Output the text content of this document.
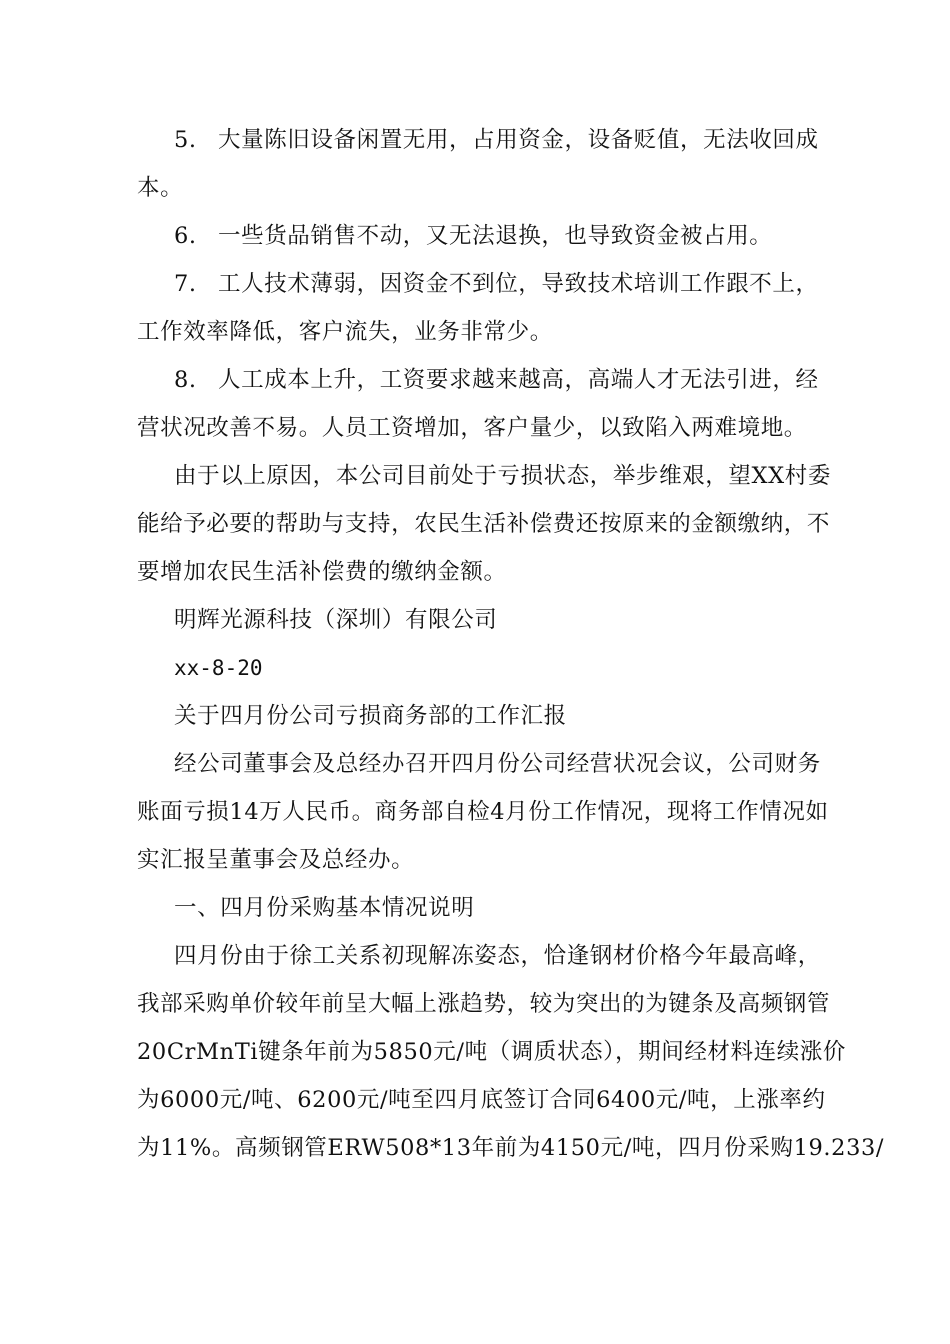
5. 大量陈旧设备闲置无用，占用资金，设备贬值，无法收回成
本。
6. 一些货品销售不动，又无法退换，也导致资金被占用。
7. 工人技术薄弱，因资金不到位，导致技术培训工作跟不上，
工作效率降低，客户流失，业务非常少。
8. 人工成本上升，工资要求越来越高，高端人才无法引进，经
营状况改善不易。人员工资增加，客户量少，以致陷入两难境地。
由于以上原因，本公司目前处于亏损状态，举步维艰，望XX村委
能给予必要的帮助与支持，农民生活补偿费还按原来的金额缴纳，不
要增加农民生活补偿费的缴纳金额。
明辉光源科技（深圳）有限公司
xx-8-20
关于四月份公司亏损商务部的工作汇报
经公司董事会及总经办召开四月份公司经营状况会议，公司财务
账面亏损14万人民币。商务部自检4月份工作情况，现将工作情况如
实汇报呈董事会及总经办。
一、四月份采购基本情况说明
四月份由于徐工关系初现解冻姿态，恰逢钢材价格今年最高峰，
我部采购单价较年前呈大幅上涨趋势，较为突出的为键条及高频钢管
20CrMnTi键条年前为5850元/吨（调质状态），期间经材料连续涨价
为6000元/吨、6200元/吨至四月底签订合同6400元/吨，上涨率约
为11%。高频钢管ERW508*13年前为4150元/吨，四月份采购19.233/
